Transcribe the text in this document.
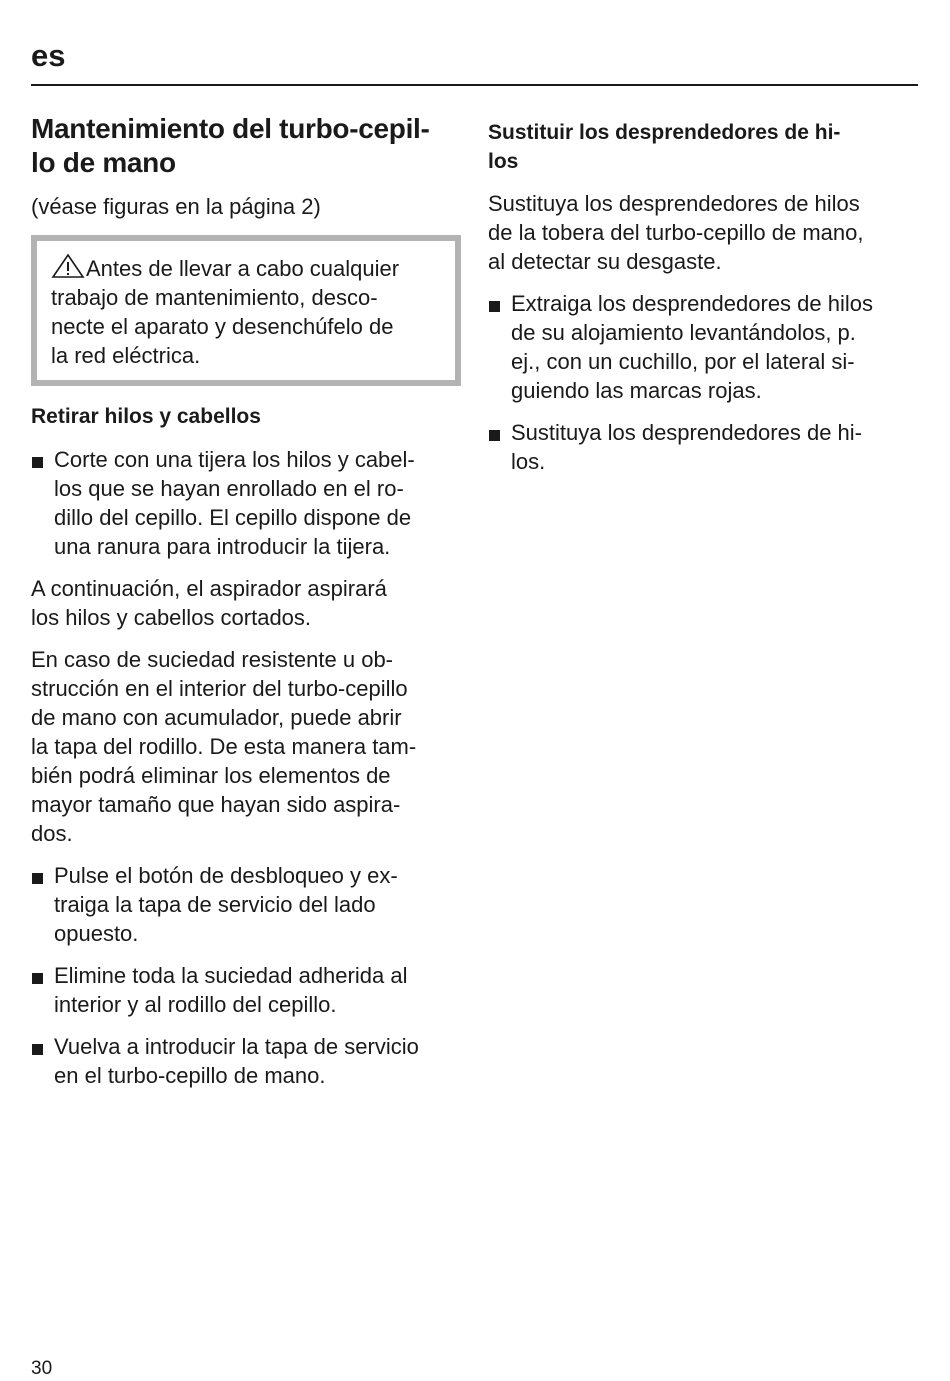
es
Mantenimiento del turbo-cepil-
lo de mano

(véase figuras en la página 2)

Antes de llevar a cabo cualquier
trabajo de mantenimiento, desco-
necte el aparato y desenchúfelo de
la red eléctrica.
Retirar hilos y cabellos
Corte con una tijera los hilos y cabel-
los que se hayan enrollado en el ro-
dillo del cepillo. El cepillo dispone de
una ranura para introducir la tijera.

A continuación, el aspirador aspirará
los hilos y cabellos cortados.

En caso de suciedad resistente u ob-
strucción en el interior del turbo-cepillo
de mano con acumulador, puede abrir
la tapa del rodillo. De esta manera tam-
bién podrá eliminar los elementos de
mayor tamaño que hayan sido aspira-
dos.

Pulse el botón de desbloqueo y ex-
traiga la tapa de servicio del lado
opuesto.
Elimine toda la suciedad adherida al
interior y al rodillo del cepillo.
Vuelva a introducir la tapa de servicio
en el turbo-cepillo de mano.
Sustituir los desprendedores de hi-
los

Sustituya los desprendedores de hilos
de la tobera del turbo-cepillo de mano,
al detectar su desgaste.

Extraiga los desprendedores de hilos
de su alojamiento levantándolos, p.
ej., con un cuchillo, por el lateral si-
guiendo las marcas rojas.
Sustituya los desprendedores de hi-
los.
30
